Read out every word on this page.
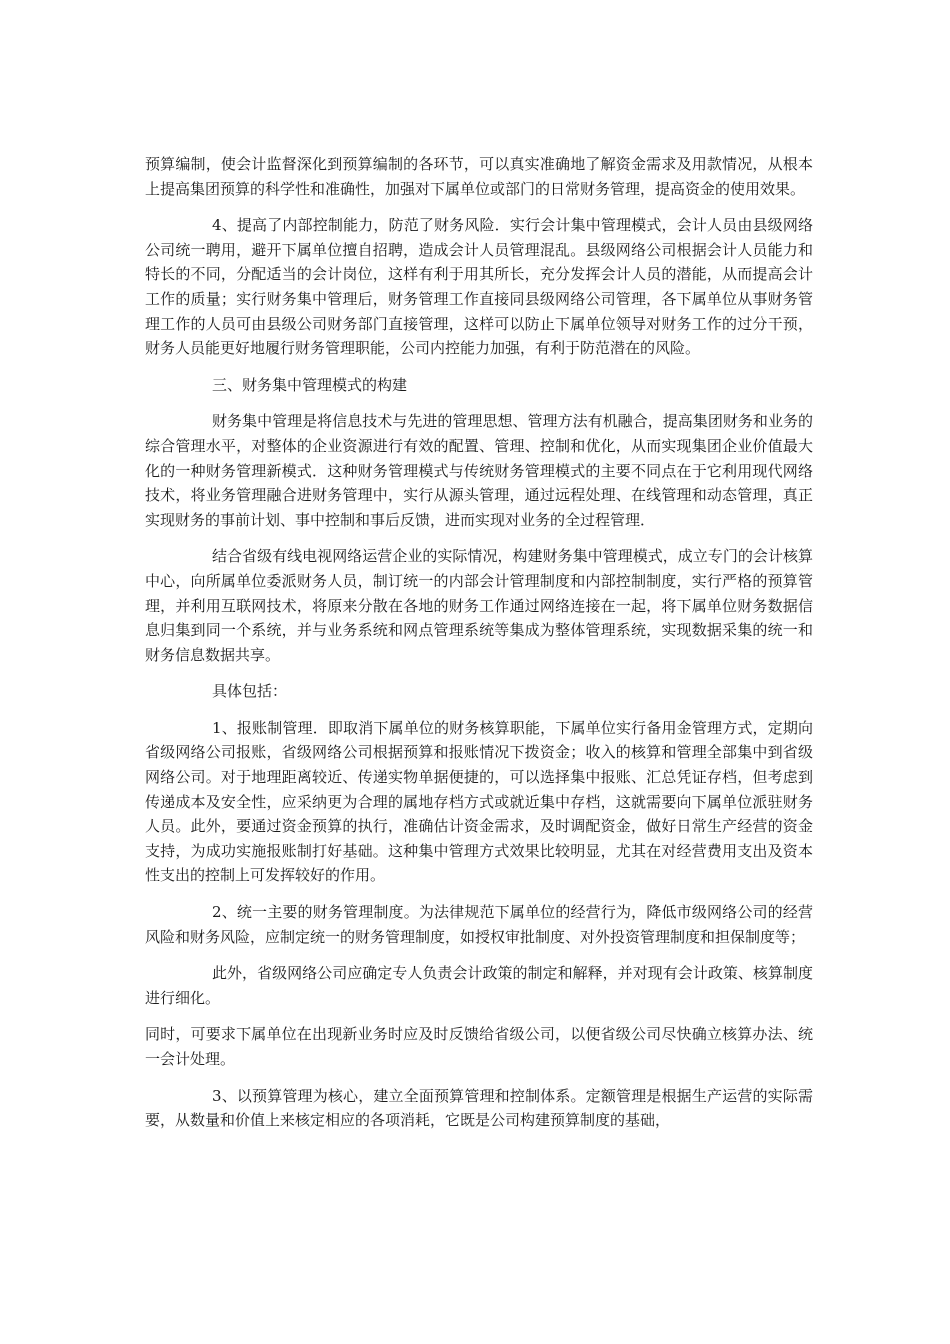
预算编制，使会计监督深化到预算编制的各环节，可以真实准确地了解资金需求及用款情况，从根本上提高集团预算的科学性和准确性，加强对下属单位或部门的日常财务管理，提高资金的使用效果。

4、提高了内部控制能力，防范了财务风险．实行会计集中管理模式，会计人员由县级网络公司统一聘用，避开下属单位擅自招聘，造成会计人员管理混乱。县级网络公司根据会计人员能力和特长的不同，分配适当的会计岗位，这样有利于用其所长，充分发挥会计人员的潜能，从而提高会计工作的质量；实行财务集中管理后，财务管理工作直接同县级网络公司管理，各下属单位从事财务管理工作的人员可由县级公司财务部门直接管理，这样可以防止下属单位领导对财务工作的过分干预，财务人员能更好地履行财务管理职能，公司内控能力加强，有利于防范潜在的风险。

三、财务集中管理模式的构建

财务集中管理是将信息技术与先进的管理思想、管理方法有机融合，提高集团财务和业务的综合管理水平，对整体的企业资源进行有效的配置、管理、控制和优化，从而实现集团企业价值最大化的一种财务管理新模式．这种财务管理模式与传统财务管理模式的主要不同点在于它利用现代网络技术，将业务管理融合进财务管理中，实行从源头管理，通过远程处理、在线管理和动态管理，真正实现财务的事前计划、事中控制和事后反馈，进而实现对业务的全过程管理．

结合省级有线电视网络运营企业的实际情况，构建财务集中管理模式，成立专门的会计核算中心，向所属单位委派财务人员，制订统一的内部会计管理制度和内部控制制度，实行严格的预算管理，并利用互联网技术，将原来分散在各地的财务工作通过网络连接在一起，将下属单位财务数据信息归集到同一个系统，并与业务系统和网点管理系统等集成为整体管理系统，实现数据采集的统一和财务信息数据共享。

具体包括：

1、报账制管理．即取消下属单位的财务核算职能，下属单位实行备用金管理方式，定期向省级网络公司报账，省级网络公司根据预算和报账情况下拨资金；收入的核算和管理全部集中到省级网络公司。对于地理距离较近、传递实物单据便捷的，可以选择集中报账、汇总凭证存档，但考虑到传递成本及安全性，应采纳更为合理的属地存档方式或就近集中存档，这就需要向下属单位派驻财务人员。此外，要通过资金预算的执行，准确估计资金需求，及时调配资金，做好日常生产经营的资金支持，为成功实施报账制打好基础。这种集中管理方式效果比较明显，尤其在对经营费用支出及资本性支出的控制上可发挥较好的作用。

2、统一主要的财务管理制度。为法律规范下属单位的经营行为，降低市级网络公司的经营风险和财务风险，应制定统一的财务管理制度，如授权审批制度、对外投资管理制度和担保制度等；

此外，省级网络公司应确定专人负责会计政策的制定和解释，并对现有会计政策、核算制度进行细化。

同时，可要求下属单位在出现新业务时应及时反馈给省级公司，以便省级公司尽快确立核算办法、统一会计处理。

3、以预算管理为核心，建立全面预算管理和控制体系。定额管理是根据生产运营的实际需要，从数量和价值上来核定相应的各项消耗，它既是公司构建预算制度的基础，
